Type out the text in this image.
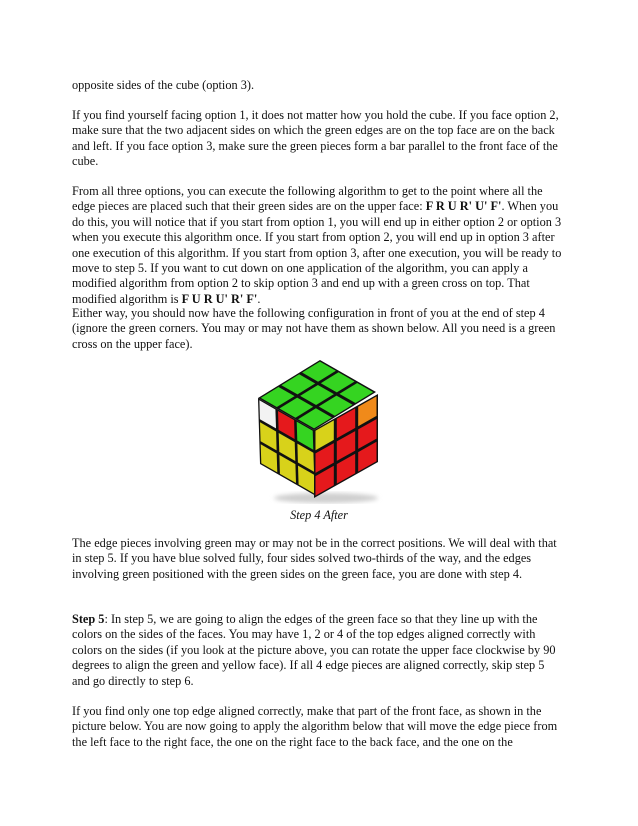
opposite sides of the cube (option 3).

If you find yourself facing option 1, it does not matter how you hold the cube. If you face option 2, make sure that the two adjacent sides on which the green edges are on the top face are on the back and left. If you face option 3, make sure the green pieces form a bar parallel to the front face of the cube.

From all three options, you can execute the following algorithm to get to the point where all the edge pieces are placed such that their green sides are on the upper face: F R U R' U' F'. When you do this, you will notice that if you start from option 1, you will end up in either option 2 or option 3 when you execute this algorithm once. If you start from option 2, you will end up in option 3 after one execution of this algorithm. If you start from option 3, after one execution, you will be ready to move to step 5. If you want to cut down on one application of the algorithm, you can apply a modified algorithm from option 2 to skip option 3 and end up with a green cross on top. That modified algorithm is F U R U' R' F'.

Either way, you should now have the following configuration in front of you at the end of step 4 (ignore the green corners. You may or may not have them as shown below. All you need is a green cross on the upper face).

Step 4 After

The edge pieces involving green may or may not be in the correct positions. We will deal with that in step 5. If you have blue solved fully, four sides solved two-thirds of the way, and the edges involving green positioned with the green sides on the green face, you are done with step 4.

Step 5: In step 5, we are going to align the edges of the green face so that they line up with the colors on the sides of the faces. You may have 1, 2 or 4 of the top edges aligned correctly with colors on the sides (if you look at the picture above, you can rotate the upper face clockwise by 90 degrees to align the green and yellow face). If all 4 edge pieces are aligned correctly, skip step 5 and go directly to step 6.

If you find only one top edge aligned correctly, make that part of the front face, as shown in the picture below. You are now going to apply the algorithm below that will move the edge piece from the left face to the right face, the one on the right face to the back face, and the one on the
